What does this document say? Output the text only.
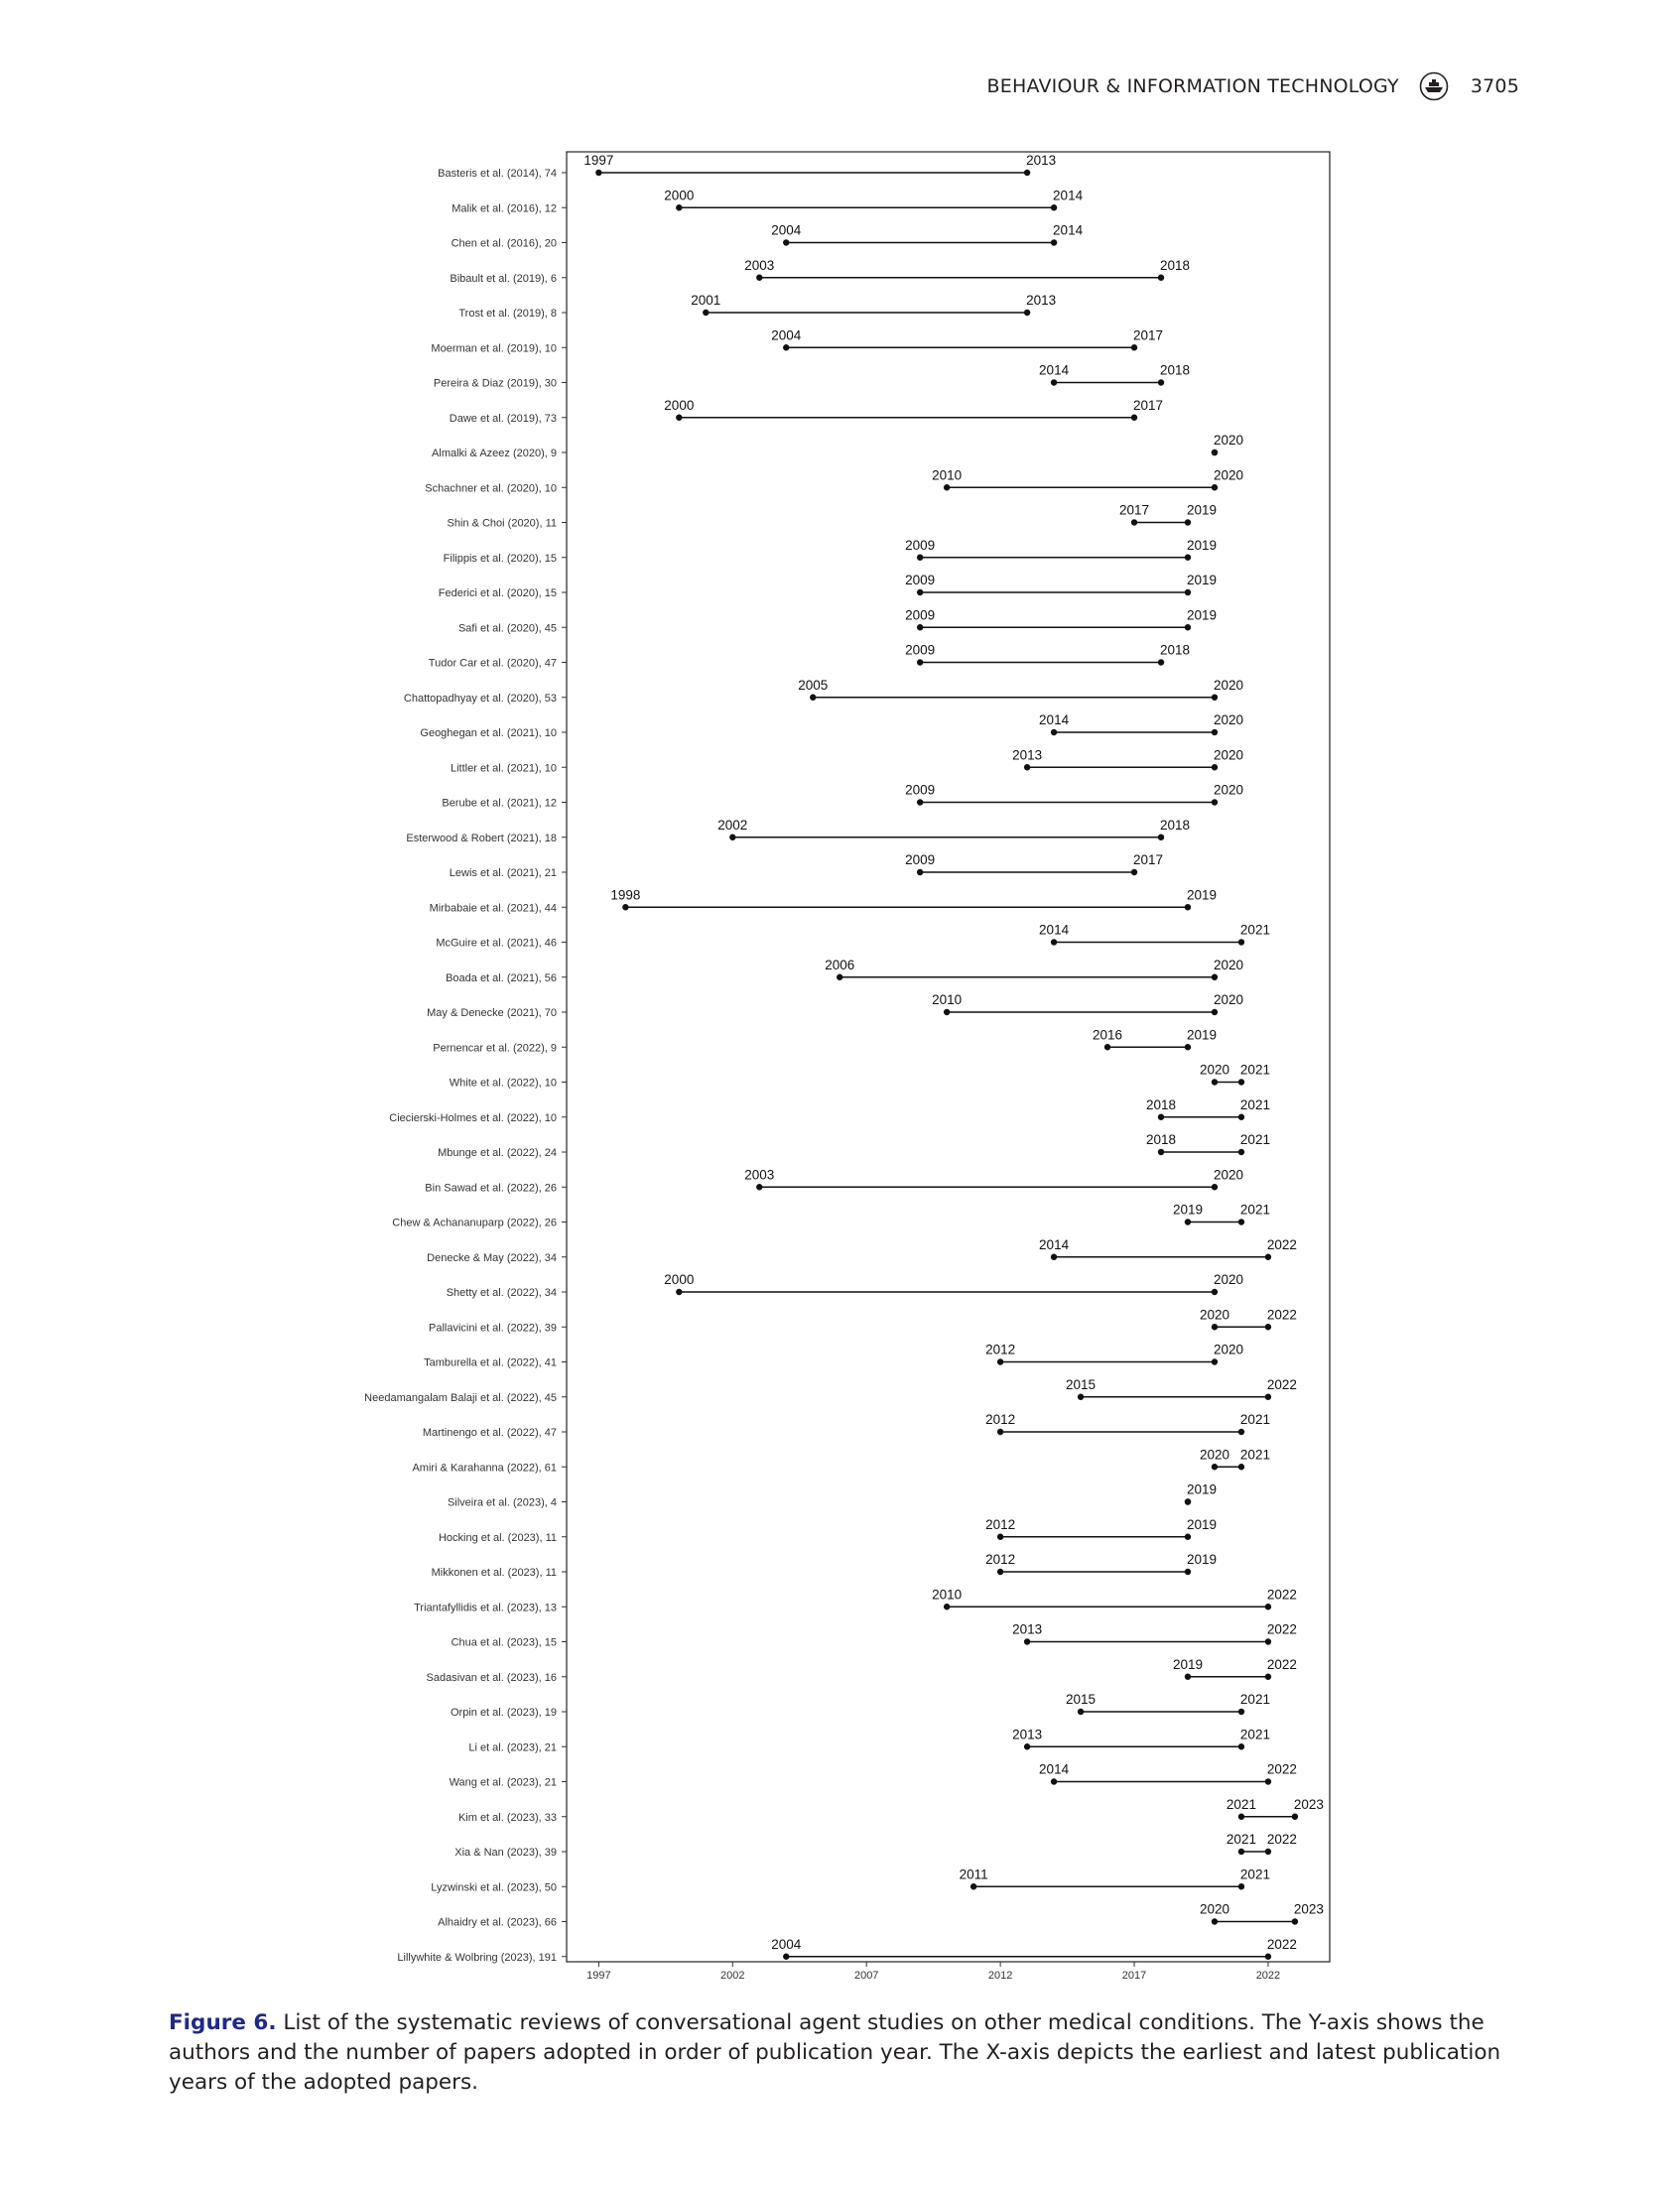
BEHAVIOUR & INFORMATION TECHNOLOGY	3705
Basteris et al. (2014), 74
1997	2013
Malik et al. (2016), 12
2000	2014
Chen et al. (2016), 20
2004	2014
Bibault et al. (2019), 6
2003	2018
Trost et al. (2019), 8
2001	2013
Moerman et al. (2019), 10
2004	2017
Pereira & Diaz (2019), 30
2014	2018
Dawe et al. (2019), 73
2000	2017
Almalki & Azeez (2020), 9
2020
Schachner et al. (2020), 10
2010	2020
Shin & Choi (2020), 11
2017	2019
Filippis et al. (2020), 15
2009	2019
Federici et al. (2020), 15
2009	2019
Safi et al. (2020), 45
2009	2019
Tudor Car et al. (2020), 47
2009	2018
Chattopadhyay et al. (2020), 53
2005	2020
Geoghegan et al. (2021), 10
2014	2020
Littler et al. (2021), 10
2013	2020
Berube et al. (2021), 12
2009	2020
Esterwood & Robert (2021), 18
2002	2018
Lewis et al. (2021), 21
2009	2017
Mirbabaie et al. (2021), 44
1998	2019
McGuire et al. (2021), 46
2014	2021
Boada et al. (2021), 56
2006	2020
May & Denecke (2021), 70
2010	2020
Pernencar et al. (2022), 9
2016	2019
White et al. (2022), 10
2020 2021
Ciecierski-Holmes et al. (2022), 10
2018	2021
Mbunge et al. (2022), 24
2018	2021
Bin Sawad et al. (2022), 26
2003	2020
Chew & Achananuparp (2022), 26
2019	2021
Denecke & May (2022), 34
2014	2022
Shetty et al. (2022), 34
2000	2020
Pallavicini et al. (2022), 39
2020	2022
Tamburella et al. (2022), 41
2012	2020
Needamangalam Balaji et al. (2022), 45
2015	2022
Martinengo et al. (2022), 47
2012	2021
Amiri & Karahanna (2022), 61
2020 2021
Silveira et al. (2023), 4
2019
Hocking et al. (2023), 11
2012	2019
Mikkonen et al. (2023), 11
2012	2019
Triantafyllidis et al. (2023), 13
2010	2022
Chua et al. (2023), 15
2013	2022
Sadasivan et al. (2023), 16
2019	2022
Orpin et al. (2023), 19
2015	2021
Li et al. (2023), 21
2013	2021
Wang et al. (2023), 21
2014	2022
Kim et al. (2023), 33
2021	2023
Xia & Nan (2023), 39
2021 2022
Lyzwinski et al. (2023), 50
2011	2021
Alhaidry et al. (2023), 66
2020	2023
Lillywhite & Wolbring (2023), 191
2004	2022
1997	2002	2007	2012	2017	2022
Figure 6. List of the systematic reviews of conversational agent studies on other medical conditions. The Y-axis shows the authors and the number of papers adopted in order of publication year. The X-axis depicts the earliest and latest publication years of the adopted papers.
